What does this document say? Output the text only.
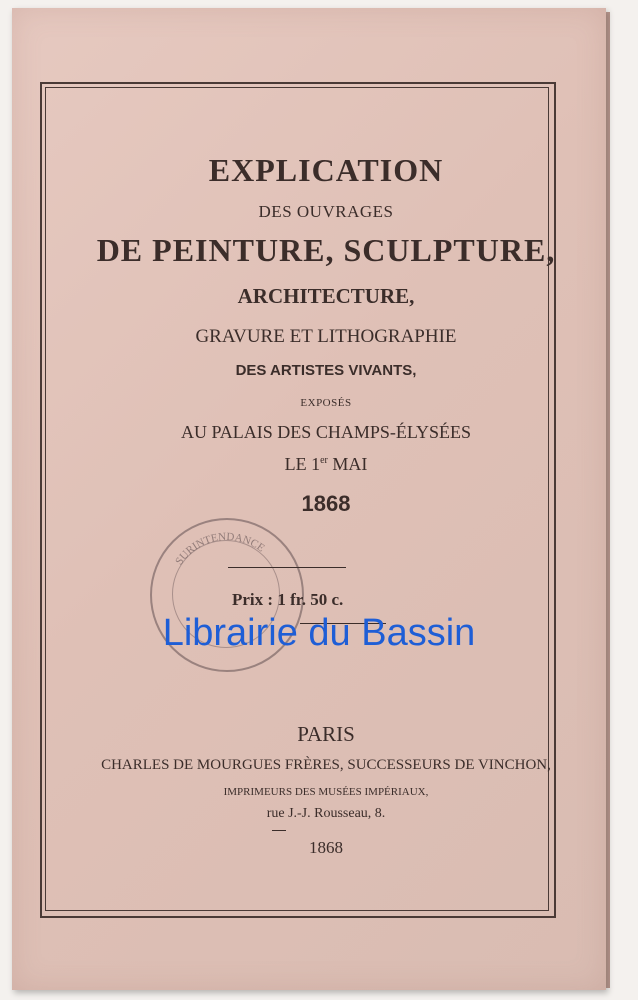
EXPLICATION
DES OUVRAGES
DE PEINTURE, SCULPTURE,
ARCHITECTURE,
GRAVURE ET LITHOGRAPHIE
DES ARTISTES VIVANTS,
EXPOSÉS
AU PALAIS DES CHAMPS-ÉLYSÉES
LE 1er MAI
1868
SURINTENDANCE
Prix : 1 fr. 50 c.
Librairie du Bassin
PARIS
CHARLES DE MOURGUES FRÈRES, SUCCESSEURS DE VINCHON,
IMPRIMEURS DES MUSÉES IMPÉRIAUX,
rue J.-J. Rousseau, 8.
1868
